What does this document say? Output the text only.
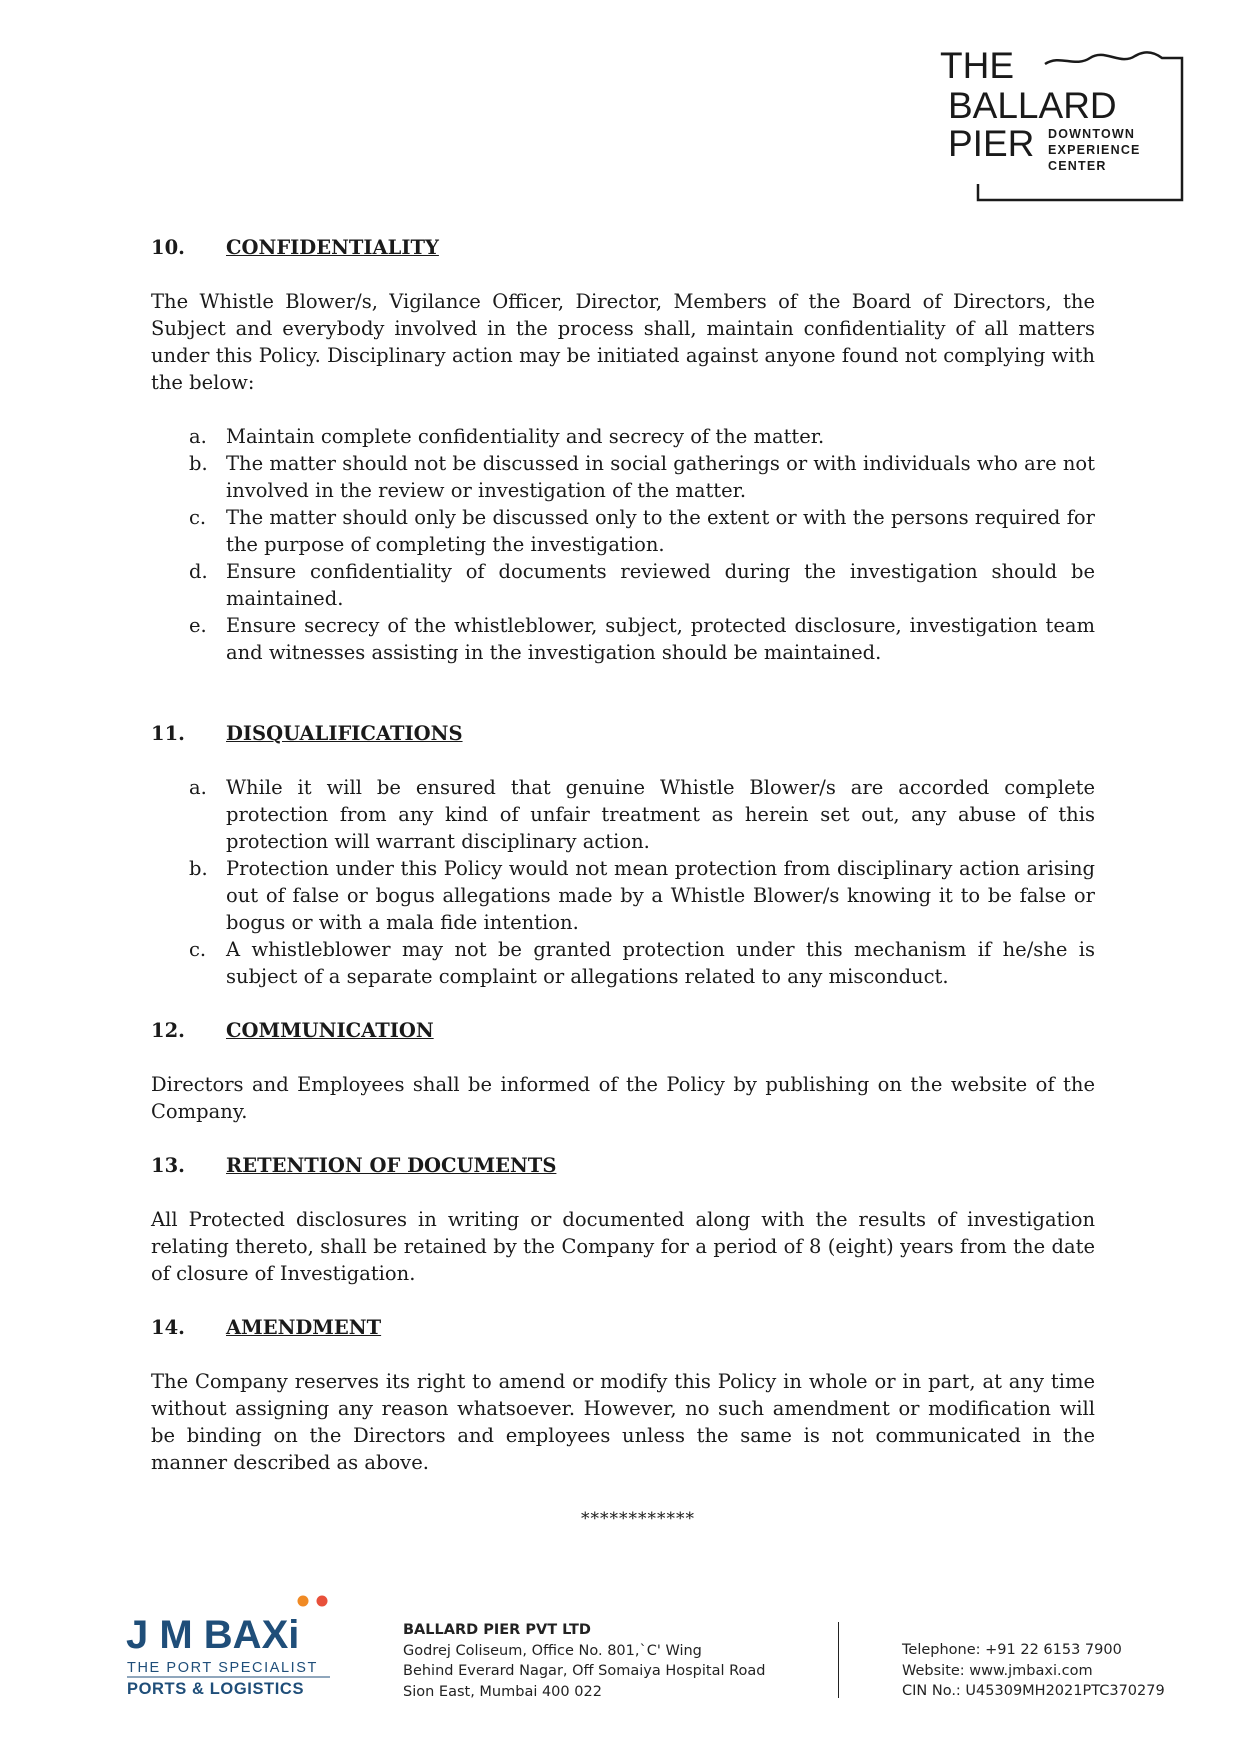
THE
BALLARD
PIER DOWNTOWN
EXPERIENCE
CENTER
10.	CONFIDENTIALITY

The Whistle Blower/s, Vigilance Officer, Director, Members of the Board of Directors, the Subject and everybody involved in the process shall, maintain confidentiality of all matters under this Policy. Disciplinary action may be initiated against anyone found not complying with the below:

a. Maintain complete confidentiality and secrecy of the matter.
b. The matter should not be discussed in social gatherings or with individuals who are not involved in the review or investigation of the matter.
c.	The matter should only be discussed only to the extent or with the persons required for the purpose of completing the investigation.
d. Ensure confidentiality of documents reviewed during the investigation should be maintained.
e. Ensure secrecy of the whistleblower, subject, protected disclosure, investigation team and witnesses assisting in the investigation should be maintained.
11.	DISQUALIFICATIONS
a. While it will be ensured that genuine Whistle Blower/s are accorded complete protection from any kind of unfair treatment as herein set out, any abuse of this protection will warrant disciplinary action.
b. Protection under this Policy would not mean protection from disciplinary action arising out of false or bogus allegations made by a Whistle Blower/s knowing it to be false or bogus or with a mala fide intention.
c.	A whistleblower may not be granted protection under this mechanism if he/she is subject of a separate complaint or allegations related to any misconduct.
12.	COMMUNICATION

Directors and Employees shall be informed of the Policy by publishing on the website of the Company.

13.	RETENTION OF DOCUMENTS

All Protected disclosures in writing or documented along with the results of investigation relating thereto, shall be retained by the Company for a period of 8 (eight) years from the date of closure of Investigation.

14.	AMENDMENT

The Company reserves its right to amend or modify this Policy in whole or in part, at any time without assigning any reason whatsoever. However, no such amendment or modification will be binding on the Directors and employees unless the same is not communicated in the manner described as above.

************
J M BAXi
THE PORT SPECIALIST
PORTS & LOGISTICS
BALLARD PIER PVT LTD
Godrej Coliseum, Office No. 801,`C' Wing
Behind Everard Nagar, Off Somaiya Hospital Road
Sion East, Mumbai 400 022
Telephone: +91 22 6153 7900
Website: www.jmbaxi.com
CIN No.: U45309MH2021PTC370279
